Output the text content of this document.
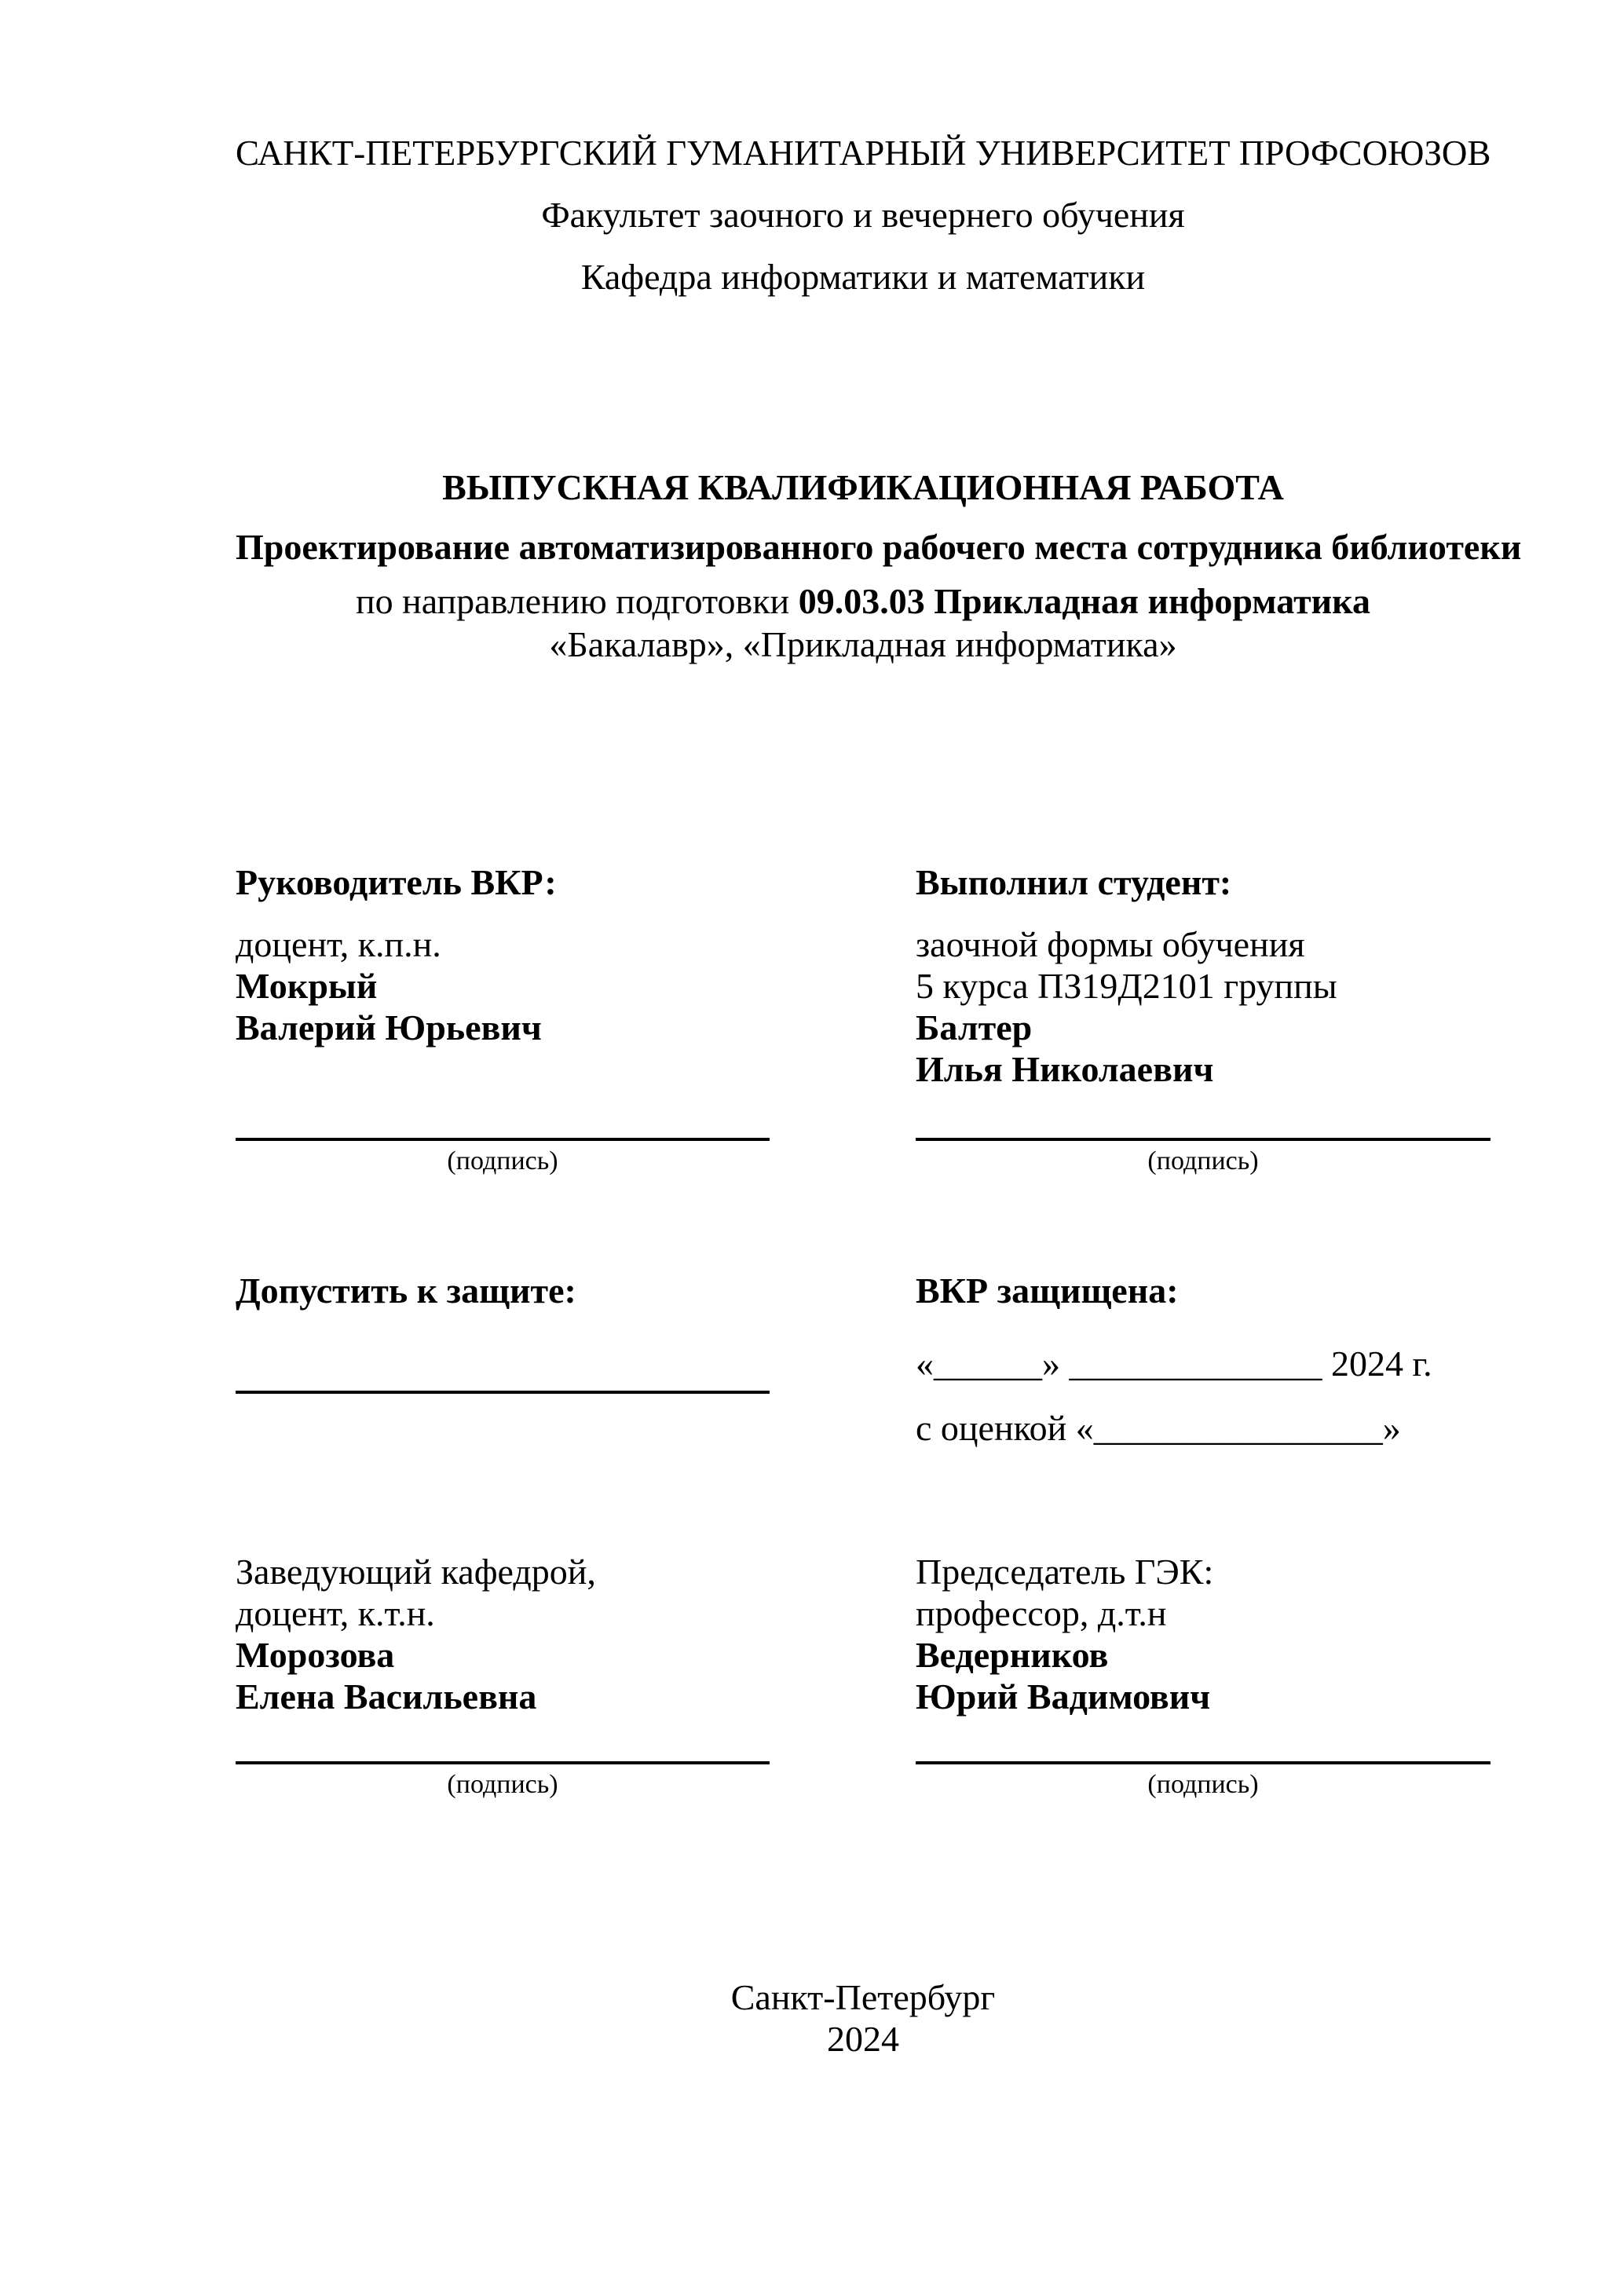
САНКТ-ПЕТЕРБУРГСКИЙ ГУМАНИТАРНЫЙ УНИВЕРСИТЕТ ПРОФСОЮЗОВ

Факультет заочного и вечернего обучения

Кафедра информатики и математики

ВЫПУСКНАЯ КВАЛИФИКАЦИОННАЯ РАБОТА

Проектирование автоматизированного рабочего места сотрудника библиотеки

по направлению подготовки 09.03.03 Прикладная информатика

«Бакалавр», «Прикладная информатика»

Руководитель ВКР:

доцент, к.п.н.

Мокрый

Валерий Юрьевич

Выполнил студент:

заочной формы обучения

5 курса ПЗ19Д2101 группы

Балтер

Илья Николаевич

(подпись)	(подпись)

Допустить к защите:	ВКР защищена:

«______» ______________ 2024 г.

с оценкой «________________»

Заведующий кафедрой,

доцент, к.т.н.

Морозова

Елена Васильевна

Председатель ГЭК:

профессор, д.т.н

Ведерников

Юрий Вадимович

(подпись)	(подпись)

Санкт-Петербург

2024
